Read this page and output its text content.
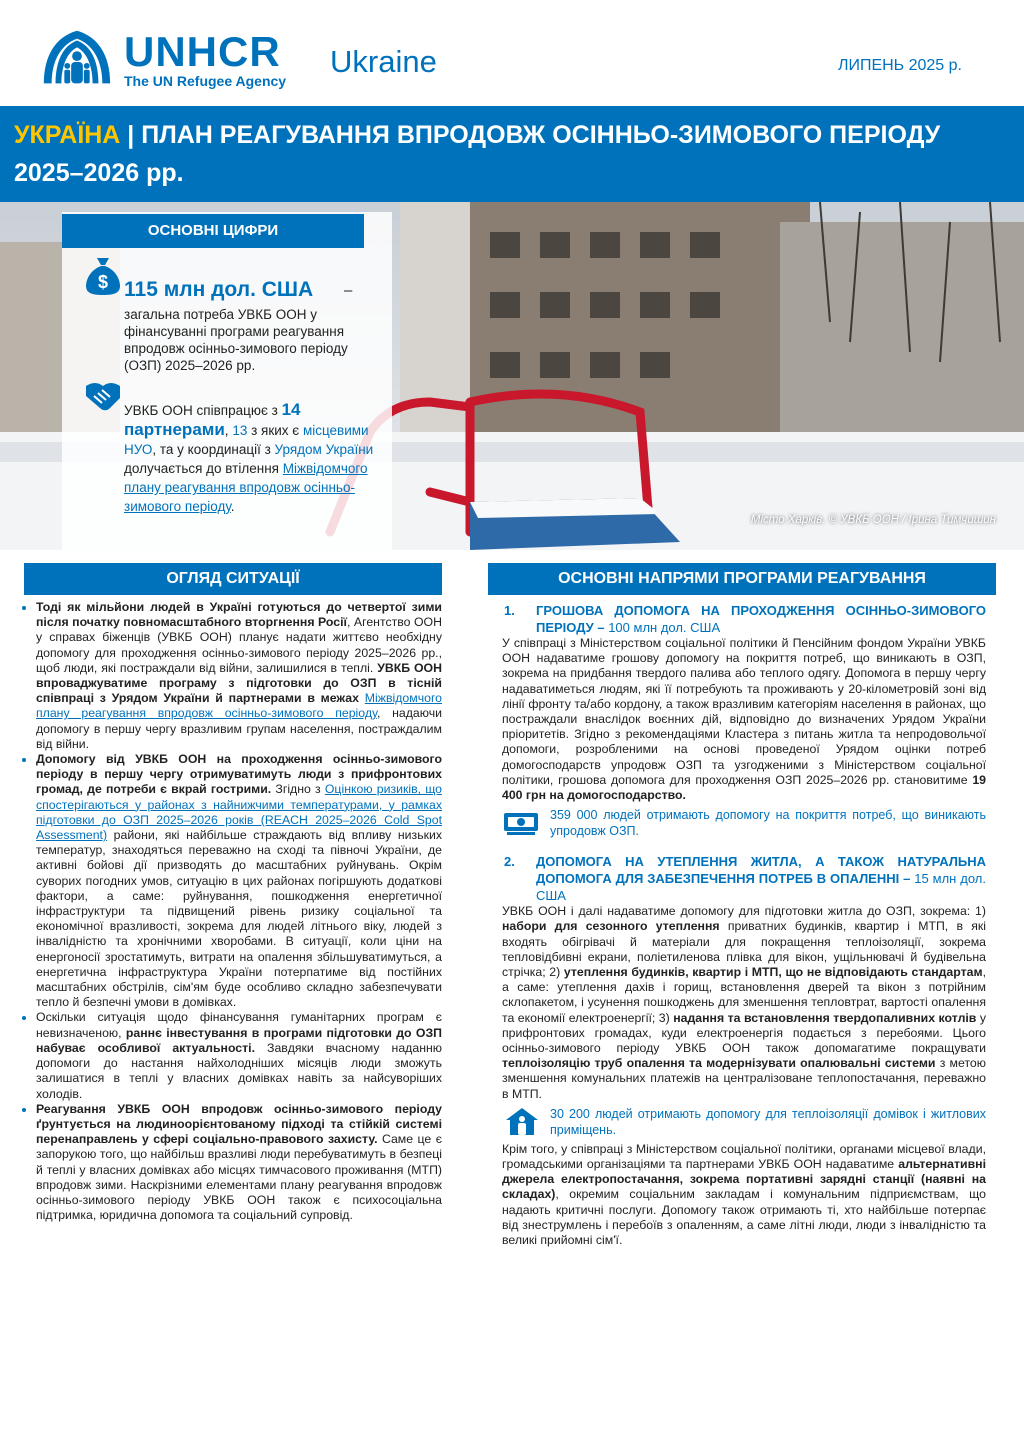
UNHCR
The UN Refugee Agency
Ukraine	ЛИПЕНЬ 2025 р.
УКРАЇНА | ПЛАН РЕАГУВАННЯ ВПРОДОВЖ ОСІННЬО-ЗИМОВОГО ПЕРІОДУ 2025–2026 рр.
ОСНОВНІ ЦИФРИ
$ 115 млн дол. США –
загальна потреба УВКБ ООН у фінансуванні програми реагування впродовж осінньо-зимового періоду (ОЗП) 2025–2026 рр.
УВКБ ООН співпрацює з 14 партнерами, 13 з яких є місцевими НУО, та у координації з Урядом України долучається до втілення Міжвідомчого плану реагування впродовж осінньо-зимового періоду.
Місто Харків. © УВКБ ООН / Ірина Тимчишин
ОГЛЯД СИТУАЦІЇ	ОСНОВНІ НАПРЯМИ ПРОГРАМИ РЕАГУВАННЯ
• Тоді як мільйони людей в Україні готуються до четвертої зими після початку повномасштабного вторгнення Росії, Агентство ООН у справах біженців (УВКБ ООН) планує надати життєво необхідну допомогу для проходження осінньо-зимового періоду 2025–2026 рр., щоб люди, які постраждали від війни, залишилися в теплі. УВКБ ООН впроваджуватиме програму з підготовки до ОЗП в тісній співпраці з Урядом України й партнерами в межах Міжвідомчого плану реагування впродовж осінньо-зимового періоду, надаючи допомогу в першу чергу вразливим групам населення, постраждалим від війни.
• Допомогу від УВКБ ООН на проходження осінньо-зимового періоду в першу чергу отримуватимуть люди з прифронтових громад, де потреби є вкрай гострими. Згідно з Оцінкою ризиків, що спостерігаються у районах з найнижчими температурами, у рамках підготовки до ОЗП 2025–2026 років (REACH 2025–2026 Cold Spot Assessment) райони, які найбільше страждають від впливу низьких температур, знаходяться переважно на сході та півночі України, де активні бойові дії призводять до масштабних руйнувань. Окрім суворих погодних умов, ситуацію в цих районах погіршують додаткові фактори, а саме: руйнування, пошкодження енергетичної інфраструктури та підвищений рівень ризику соціальної та економічної вразливості, зокрема для людей літнього віку, людей з інвалідністю та хронічними хворобами. В ситуації, коли ціни на енергоносії зростатимуть, витрати на опалення збільшуватимуться, а енергетична інфраструктура України потерпатиме від постійних масштабних обстрілів, сім'ям буде особливо складно забезпечувати тепло й безпечні умови в домівках.
• Оскільки ситуація щодо фінансування гуманітарних програм є невизначеною, раннє інвестування в програми підготовки до ОЗП набуває особливої актуальності. Завдяки вчасному наданню допомоги до настання найхолодніших місяців люди зможуть залишатися в теплі у власних домівках навіть за найсуворіших холодів.
• Реагування УВКБ ООН впродовж осінньо-зимового періоду ґрунтується на людиноорієнтованому підході та стійкій системі перенаправлень у сфері соціально-правового захисту. Саме це є запорукою того, що найбільш вразливі люди перебуватимуть в безпеці й теплі у власних домівках або місцях тимчасового проживання (МТП) впродовж зими. Наскрізними елементами плану реагування впродовж осінньо-зимового періоду УВКБ ООН також є психосоціальна підтримка, юридична допомога та соціальний супровід.
1.	ГРОШОВА ДОПОМОГА НА ПРОХОДЖЕННЯ ОСІННЬО-ЗИМОВОГО ПЕРІОДУ – 100 млн дол. США

У співпраці з Міністерством соціальної політики й Пенсійним фондом України УВКБ ООН надаватиме грошову допомогу на покриття потреб, що виникають в ОЗП, зокрема на придбання твердого палива або теплого одягу. Допомога в першу чергу надаватиметься людям, які її потребують та проживають у 20-кілометровій зоні від лінії фронту та/або кордону, а також вразливим категоріям населення в районах, що постраждали внаслідок воєнних дій, відповідно до визначених Урядом України пріоритетів. Згідно з рекомендаціями Кластера з питань житла та непродовольчої допомоги, розробленими на основі проведеної Урядом оцінки потреб домогосподарств упродовж ОЗП та узгодженими з Міністерством соціальної політики, грошова допомога для проходження ОЗП 2025–2026 рр. становитиме 19 400 грн на домогосподарство.

359 000 людей отримають допомогу на покриття потреб, що виникають упродовж ОЗП.
2.	ДОПОМОГА НА УТЕПЛЕННЯ ЖИТЛА, А ТАКОЖ НАТУРАЛЬНА ДОПОМОГА ДЛЯ ЗАБЕЗПЕЧЕННЯ ПОТРЕБ В ОПАЛЕННІ – 15 млн дол. США

УВКБ ООН і далі надаватиме допомогу для підготовки житла до ОЗП, зокрема: 1) набори для сезонного утеплення приватних будинків, квартир і МТП, в які входять обігрівачі й матеріали для покращення теплоізоляції, зокрема тепловідбивні екрани, поліетиленова плівка для вікон, ущільнювачі й будівельна стрічка; 2) утеплення будинків, квартир і МТП, що не відповідають стандартам, а саме: утеплення дахів і горищ, встановлення дверей та вікон з потрійним склопакетом, і усунення пошкоджень для зменшення тепловтрат, вартості опалення та економії електроенергії; 3) надання та встановлення твердопаливних котлів у прифронтових громадах, куди електроенергія подається з перебоями. Цього осінньо-зимового періоду УВКБ ООН також допомагатиме покращувати теплоізоляцію труб опалення та модернізувати опалювальні системи з метою зменшення комунальних платежів на централізоване теплопостачання, переважно в МТП.

30 200 людей отримають допомогу для теплоізоляції домівок і житлових приміщень.

Крім того, у співпраці з Міністерством соціальної політики, органами місцевої влади, громадськими організаціями та партнерами УВКБ ООН надаватиме альтернативні джерела електропостачання, зокрема портативні зарядні станції (наявні на складах), окремим соціальним закладам і комунальним підприємствам, що надають критичні послуги. Допомогу також отримають ті, хто найбільше потерпає від знеструмлень і перебоїв з опаленням, а саме літні люди, люди з інвалідністю та великі прийомні сім'ї.
